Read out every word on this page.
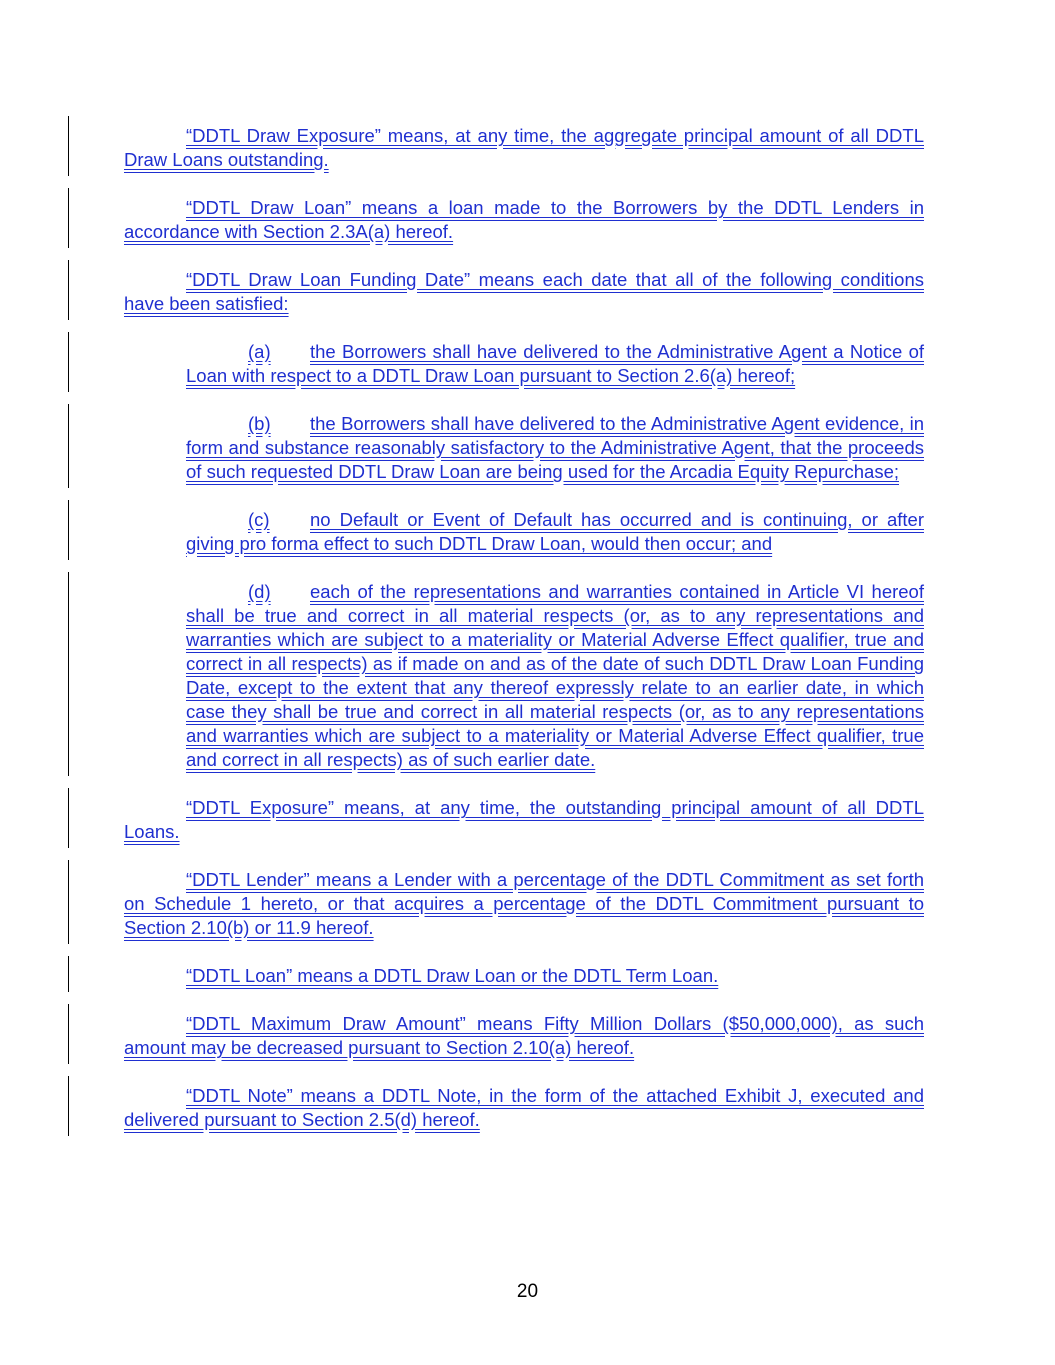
“DDTL Draw Exposure” means, at any time, the aggregate principal amount of all DDTL Draw Loans outstanding.

“DDTL Draw Loan” means a loan made to the Borrowers by the DDTL Lenders in accordance with Section 2.3A(a) hereof.

“DDTL Draw Loan Funding Date” means each date that all of the following conditions have been satisfied:

(a) the Borrowers shall have delivered to the Administrative Agent a Notice of Loan with respect to a DDTL Draw Loan pursuant to Section 2.6(a) hereof;

(b) the Borrowers shall have delivered to the Administrative Agent evidence, in form and substance reasonably satisfactory to the Administrative Agent, that the proceeds of such requested DDTL Draw Loan are being used for the Arcadia Equity Repurchase;

(c) no Default or Event of Default has occurred and is continuing, or after giving pro forma effect to such DDTL Draw Loan, would then occur; and

(d) each of the representations and warranties contained in Article VI hereof shall be true and correct in all material respects (or, as to any representations and warranties which are subject to a materiality or Material Adverse Effect qualifier, true and correct in all respects) as if made on and as of the date of such DDTL Draw Loan Funding Date, except to the extent that any thereof expressly relate to an earlier date, in which case they shall be true and correct in all material respects (or, as to any representations and warranties which are subject to a materiality or Material Adverse Effect qualifier, true and correct in all respects) as of such earlier date.

“DDTL Exposure” means, at any time, the outstanding principal amount of all DDTL Loans.

“DDTL Lender” means a Lender with a percentage of the DDTL Commitment as set forth on Schedule 1 hereto, or that acquires a percentage of the DDTL Commitment pursuant to Section 2.10(b) or 11.9 hereof.

“DDTL Loan” means a DDTL Draw Loan or the DDTL Term Loan.

“DDTL Maximum Draw Amount” means Fifty Million Dollars ($50,000,000), as such amount may be decreased pursuant to Section 2.10(a) hereof.

“DDTL Note” means a DDTL Note, in the form of the attached Exhibit J, executed and delivered pursuant to Section 2.5(d) hereof.

20
